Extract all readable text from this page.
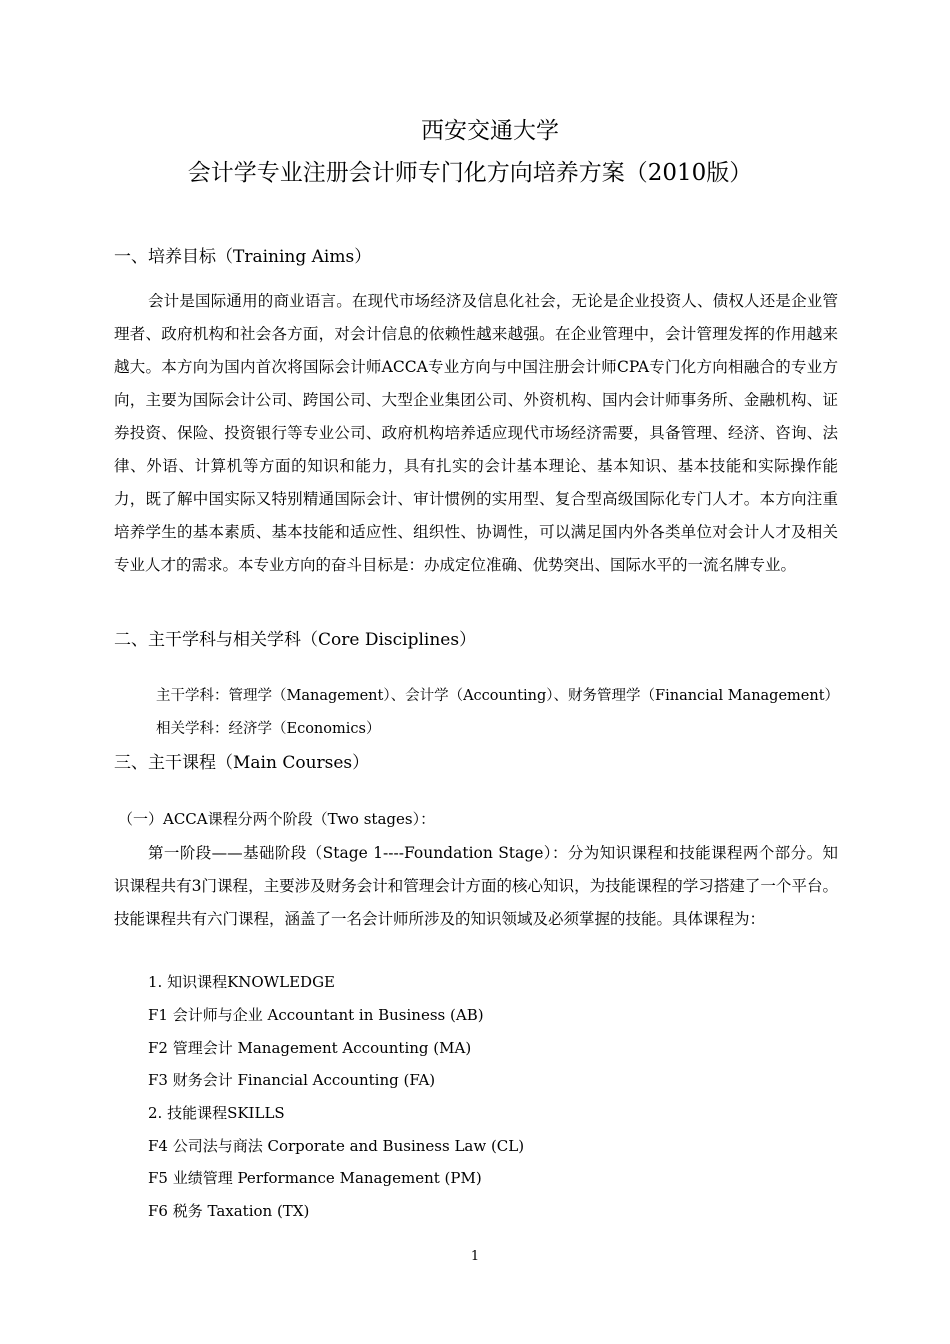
西安交通大学
会计学专业注册会计师专门化方向培养方案（2010版）
一、培养目标（Training Aims）

会计是国际通用的商业语言。在现代市场经济及信息化社会，无论是企业投资人、债权人还是企业管理者、政府机构和社会各方面，对会计信息的依赖性越来越强。在企业管理中，会计管理发挥的作用越来越大。本方向为国内首次将国际会计师ACCA专业方向与中国注册会计师CPA专门化方向相融合的专业方向，主要为国际会计公司、跨国公司、大型企业集团公司、外资机构、国内会计师事务所、金融机构、证券投资、保险、投资银行等专业公司、政府机构培养适应现代市场经济需要，具备管理、经济、咨询、法律、外语、计算机等方面的知识和能力，具有扎实的会计基本理论、基本知识、基本技能和实际操作能力，既了解中国实际又特别精通国际会计、审计惯例的实用型、复合型高级国际化专门人才。本方向注重培养学生的基本素质、基本技能和适应性、组织性、协调性，可以满足国内外各类单位对会计人才及相关专业人才的需求。本专业方向的奋斗目标是：办成定位准确、优势突出、国际水平的一流名牌专业。

二、主干学科与相关学科（Core Disciplines）
主干学科：管理学（Management）、会计学（Accounting）、财务管理学（Financial Management）
相关学科：经济学（Economics）
三、主干课程（Main Courses）
（一）ACCA课程分两个阶段（Two stages）：

第一阶段——基础阶段（Stage 1----Foundation Stage）：分为知识课程和技能课程两个部分。知识课程共有3门课程，主要涉及财务会计和管理会计方面的核心知识，为技能课程的学习搭建了一个平台。技能课程共有六门课程，涵盖了一名会计师所涉及的知识领域及必须掌握的技能。具体课程为：

1. 知识课程KNOWLEDGE
F1 会计师与企业 Accountant in Business (AB)
F2 管理会计 Management Accounting (MA)
F3 财务会计 Financial Accounting (FA)
2. 技能课程SKILLS
F4 公司法与商法 Corporate and Business Law (CL)
F5 业绩管理 Performance Management (PM)
F6 税务 Taxation (TX)
1
